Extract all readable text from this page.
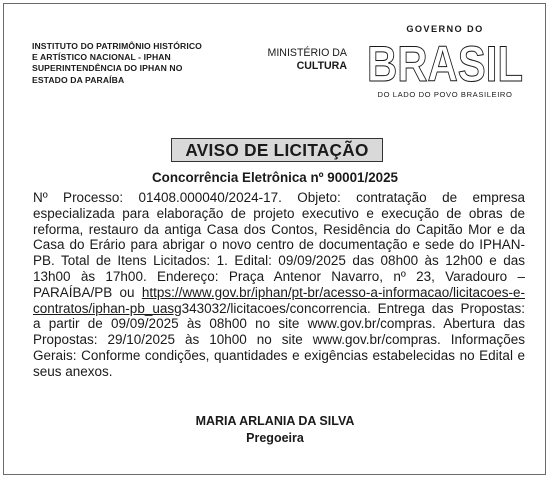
INSTITUTO DO PATRIMÔNIO HISTÓRICO
E ARTÍSTICO NACIONAL - IPHAN
SUPERINTENDÊNCIA DO IPHAN NO
ESTADO DA PARAÍBA
MINISTÉRIO DA
CULTURA
GOVERNO DO
BRASIL
DO LADO DO POVO BRASILEIRO
AVISO DE LICITAÇÃO
Concorrência Eletrônica nº 90001/2025
Nº Processo: 01408.000040/2024-17. Objeto: contratação de empresa especializada para elaboração de projeto executivo e execução de obras de reforma, restauro da antiga Casa dos Contos, Residência do Capitão Mor e da Casa do Erário para abrigar o novo centro de documentação e sede do IPHAN-PB. Total de Itens Licitados: 1. Edital: 09/09/2025 das 08h00 às 12h00 e das 13h00 às 17h00. Endereço: Praça Antenor Navarro, nº 23, Varadouro – PARAÍBA/PB ou https://www.gov.br/iphan/pt-br/acesso-a-informacao/licitacoes-e-contratos/iphan-pb_uasg343032/licitacoes/concorrencia. Entrega das Propostas: a partir de 09/09/2025 às 08h00 no site www.gov.br/compras. Abertura das Propostas: 29/10/2025 às 10h00 no site www.gov.br/compras. Informações Gerais: Conforme condições, quantidades e exigências estabelecidas no Edital e seus anexos.
MARIA ARLANIA DA SILVA
Pregoeira
